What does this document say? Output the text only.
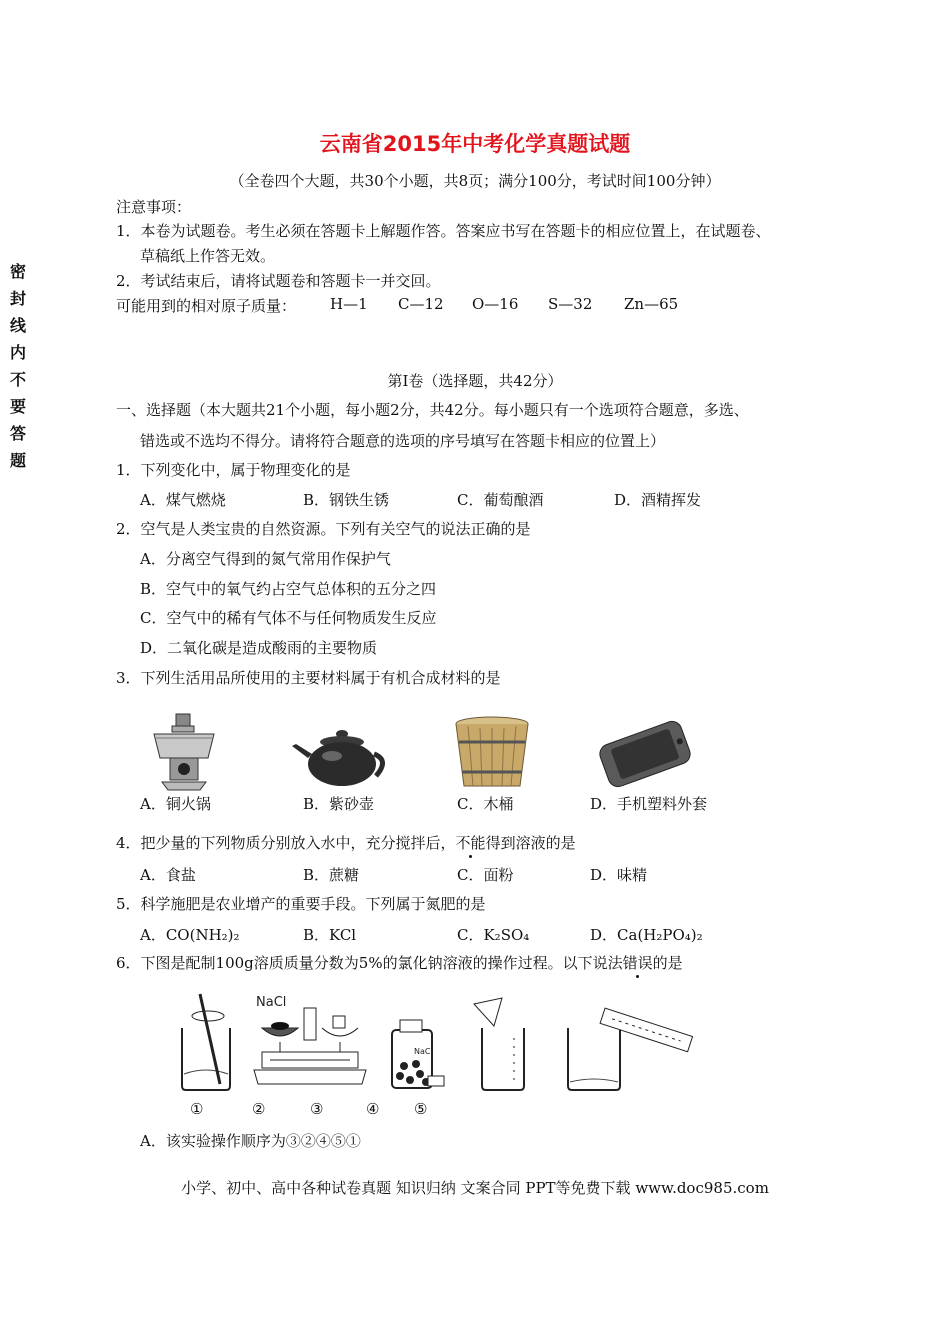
密
封
线
内
不
要
答
题
云南省2015年中考化学真题试题
（全卷四个大题，共30个小题，共8页；满分100分，考试时间100分钟）
注意事项：
1．本卷为试题卷。考生必须在答题卡上解题作答。答案应书写在答题卡的相应位置上，在试题卷、
草稿纸上作答无效。
2．考试结束后，请将试题卷和答题卡一并交回。
可能用到的相对原子质量： H—1 C—12 O—16 S—32 Zn—65
第Ⅰ卷（选择题，共42分）
一、选择题（本大题共21个小题，每小题2分，共42分。每小题只有一个选项符合题意，多选、
错选或不选均不得分。请将符合题意的选项的序号填写在答题卡相应的位置上）
1．下列变化中，属于物理变化的是
A．煤气燃烧	B．钢铁生锈	C．葡萄酿酒	D．酒精挥发
2．空气是人类宝贵的自然资源。下列有关空气的说法正确的是
A．分离空气得到的氮气常用作保护气
B．空气中的氧气约占空气总体积的五分之四
C．空气中的稀有气体不与任何物质发生反应
D．二氧化碳是造成酸雨的主要物质
3．下列生活用品所使用的主要材料属于有机合成材料的是
A．铜火锅	B．紫砂壶	C．木桶	D．手机塑料外套
4．把少量的下列物质分别放入水中，充分搅拌后，不能得到溶液的是
A．食盐	B．蔗糖	C．面粉	D．味精
5．科学施肥是农业增产的重要手段。下列属于氮肥的是
A．CO(NH₂)₂	B．KCl	C．K₂SO₄	D．Ca(H₂PO₄)₂
6．下图是配制100g溶质质量分数为5%的氯化钠溶液的操作过程。以下说法错误的是
NaCl
NaCl
①	②	③	④ ⑤
A．该实验操作顺序为③②④⑤①
小学、初中、高中各种试卷真题 知识归纳 文案合同 PPT等免费下载 www.doc985.com
